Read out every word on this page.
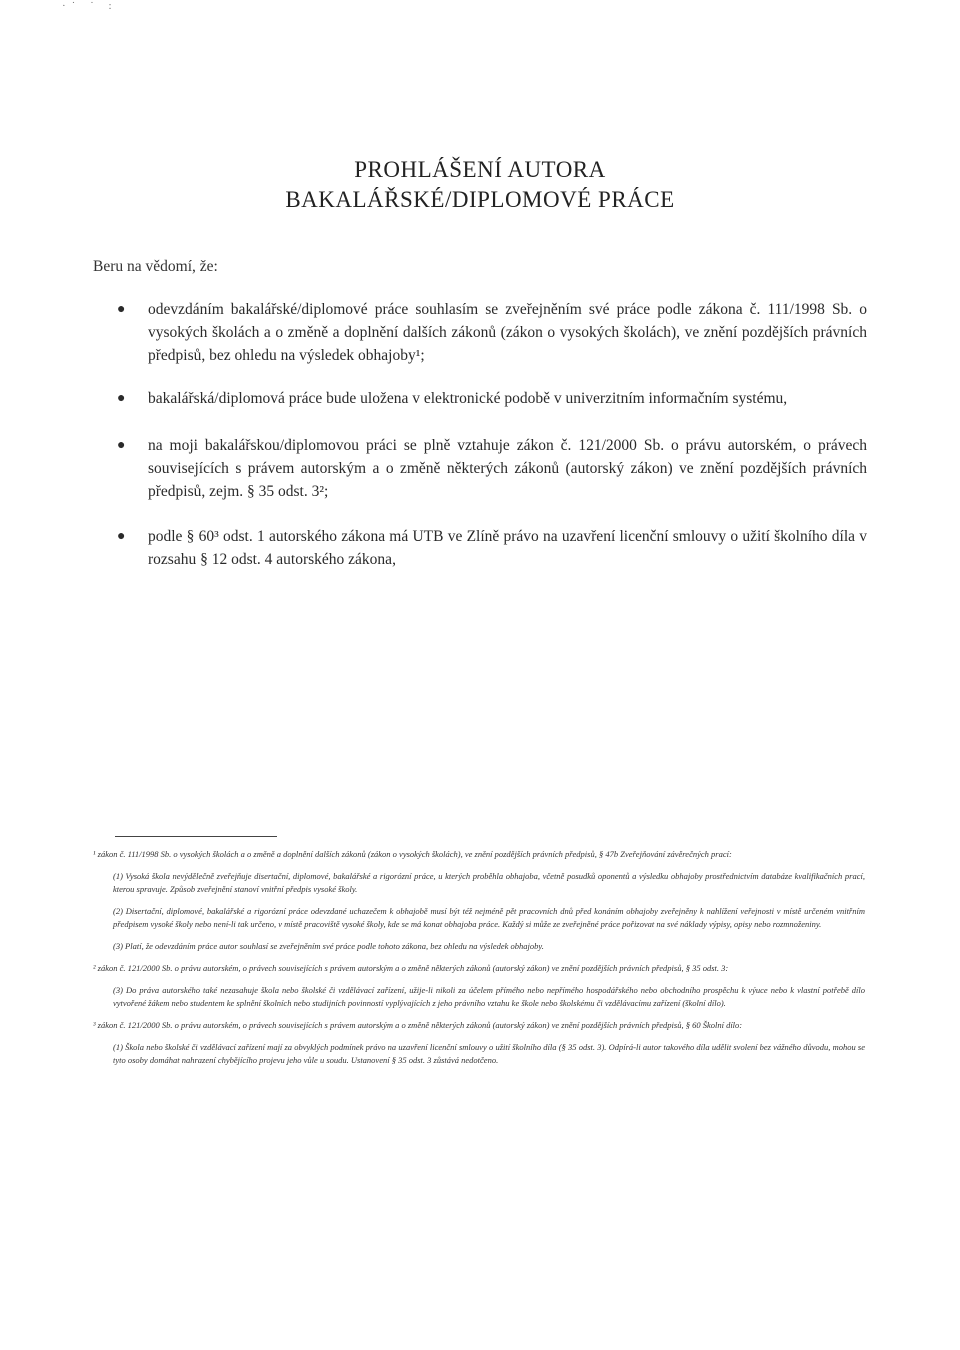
·˙ ˙ :
PROHLÁŠENÍ AUTORA
BAKALÁŘSKÉ/DIPLOMOVÉ PRÁCE
Beru na vědomí, že:
● odevzdáním bakalářské/diplomové práce souhlasím se zveřejněním své práce podle zákona č. 111/1998 Sb. o vysokých školách a o změně a doplnění dalších zákonů (zákon o vysokých školách), ve znění pozdějších právních předpisů, bez ohledu na výsledek obhajoby¹;
● bakalářská/diplomová práce bude uložena v elektronické podobě v univerzitním informačním systému,
● na moji bakalářskou/diplomovou práci se plně vztahuje zákon č. 121/2000 Sb. o právu autorském, o právech souvisejících s právem autorským a o změně některých zákonů (autorský zákon) ve znění pozdějších právních předpisů, zejm. § 35 odst. 3²;
● podle § 60³ odst. 1 autorského zákona má UTB ve Zlíně právo na uzavření licenční smlouvy o užití školního díla v rozsahu § 12 odst. 4 autorského zákona,
¹ zákon č. 111/1998 Sb. o vysokých školách a o změně a doplnění dalších zákonů (zákon o vysokých školách), ve znění pozdějších právních předpisů, § 47b Zveřejňování závěrečných prací:
(1) Vysoká škola nevýdělečně zveřejňuje disertační, diplomové, bakalářské a rigorózní práce, u kterých proběhla obhajoba, včetně posudků oponentů a výsledku obhajoby prostřednictvím databáze kvalifikačních prací, kterou spravuje. Způsob zveřejnění stanoví vnitřní předpis vysoké školy.
(2) Disertační, diplomové, bakalářské a rigorózní práce odevzdané uchazečem k obhajobě musí být též nejméně pět pracovních dnů před konáním obhajoby zveřejněny k nahlížení veřejnosti v místě určeném vnitřním předpisem vysoké školy nebo není-li tak určeno, v místě pracoviště vysoké školy, kde se má konat obhajoba práce. Každý si může ze zveřejněné práce pořizovat na své náklady výpisy, opisy nebo rozmnoženiny.
(3) Platí, že odevzdáním práce autor souhlasí se zveřejněním své práce podle tohoto zákona, bez ohledu na výsledek obhajoby.
² zákon č. 121/2000 Sb. o právu autorském, o právech souvisejících s právem autorským a o změně některých zákonů (autorský zákon) ve znění pozdějších právních předpisů, § 35 odst. 3:
(3) Do práva autorského také nezasahuje škola nebo školské či vzdělávací zařízení, užije-li nikoli za účelem přímého nebo nepřímého hospodářského nebo obchodního prospěchu k výuce nebo k vlastní potřebě dílo vytvořené žákem nebo studentem ke splnění školních nebo studijních povinností vyplývajících z jeho právního vztahu ke škole nebo školskému či vzdělávacímu zařízení (školní dílo).
³ zákon č. 121/2000 Sb. o právu autorském, o právech souvisejících s právem autorským a o změně některých zákonů (autorský zákon) ve znění pozdějších právních předpisů, § 60 Školní dílo:
(1) Škola nebo školské či vzdělávací zařízení mají za obvyklých podmínek právo na uzavření licenční smlouvy o užití školního díla (§ 35 odst. 3). Odpírá-li autor takového díla udělit svolení bez vážného důvodu, mohou se tyto osoby domáhat nahrazení chybějícího projevu jeho vůle u soudu. Ustanovení § 35 odst. 3 zůstává nedotčeno.
